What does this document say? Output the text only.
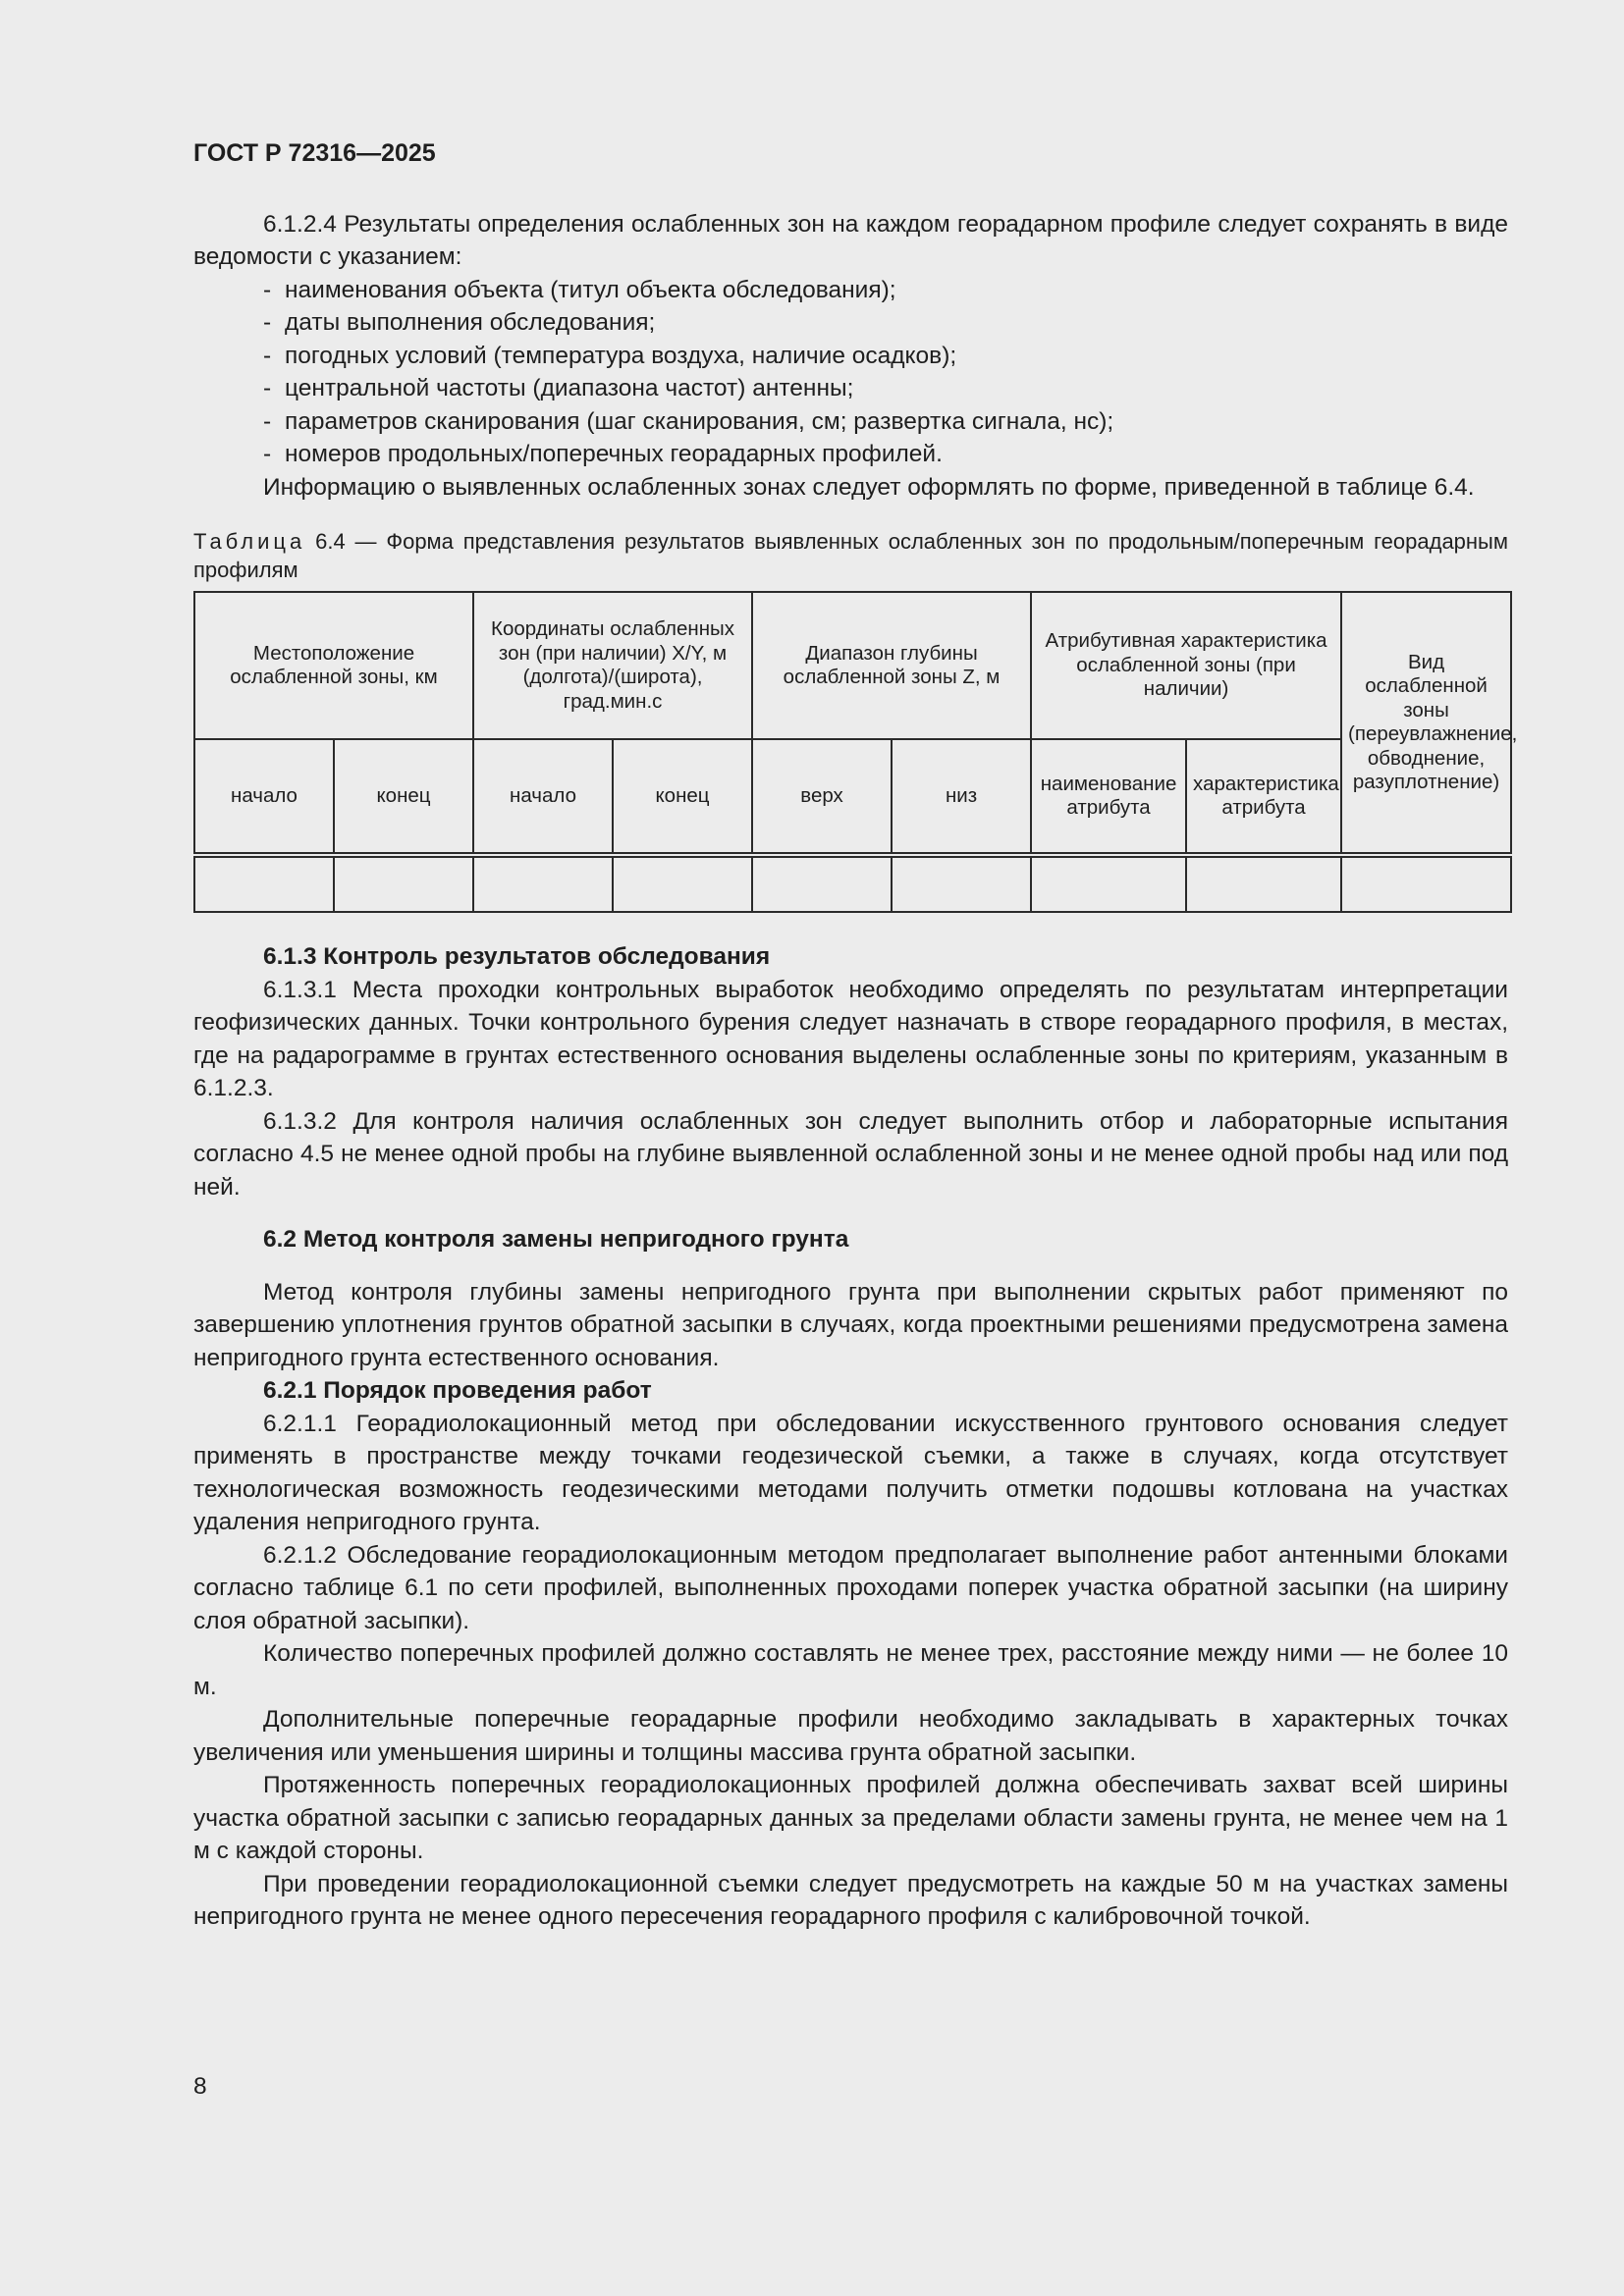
ГОСТ Р 72316—2025

6.1.2.4 Результаты определения ослабленных зон на каждом георадарном профиле следует сохранять в виде ведомости с указанием:

- наименования объекта (титул объекта обследования);
- даты выполнения обследования;
- погодных условий (температура воздуха, наличие осадков);
- центральной частоты (диапазона частот) антенны;
- параметров сканирования (шаг сканирования, см; развертка сигнала, нс);
- номеров продольных/поперечных георадарных профилей.

Информацию о выявленных ослабленных зонах следует оформлять по форме, приведенной в таблице 6.4.

Таблица 6.4 — Форма представления результатов выявленных ослабленных зон по продольным/поперечным георадарным профилям
Местоположение ослабленной зоны, км		Координаты ослабленных зон (при наличии) X/Y, м (долгота)/(широта), град.мин.с		Диапазон глубины ослабленной зоны Z, м		Атрибутивная характеристика ослабленной зоны (при наличии)		Вид ослабленной зоны (переувлажнение, обводнение, разуплотнение)
начало	конец	начало	конец	верх	низ	наименование атрибута	характеристика атрибута	

6.1.3 Контроль результатов обследования

6.1.3.1 Места проходки контрольных выработок необходимо определять по результатам интерпретации геофизических данных. Точки контрольного бурения следует назначать в створе георадарного профиля, в местах, где на радарограмме в грунтах естественного основания выделены ослабленные зоны по критериям, указанным в 6.1.2.3.

6.1.3.2 Для контроля наличия ослабленных зон следует выполнить отбор и лабораторные испытания согласно 4.5 не менее одной пробы на глубине выявленной ослабленной зоны и не менее одной пробы над или под ней.

6.2 Метод контроля замены непригодного грунта

Метод контроля глубины замены непригодного грунта при выполнении скрытых работ применяют по завершению уплотнения грунтов обратной засыпки в случаях, когда проектными решениями предусмотрена замена непригодного грунта естественного основания.

6.2.1 Порядок проведения работ

6.2.1.1 Георадиолокационный метод при обследовании искусственного грунтового основания следует применять в пространстве между точками геодезической съемки, а также в случаях, когда отсутствует технологическая возможность геодезическими методами получить отметки подошвы котлована на участках удаления непригодного грунта.

6.2.1.2 Обследование георадиолокационным методом предполагает выполнение работ антенными блоками согласно таблице 6.1 по сети профилей, выполненных проходами поперек участка обратной засыпки (на ширину слоя обратной засыпки).

Количество поперечных профилей должно составлять не менее трех, расстояние между ними — не более 10 м.

Дополнительные поперечные георадарные профили необходимо закладывать в характерных точках увеличения или уменьшения ширины и толщины массива грунта обратной засыпки.

Протяженность поперечных георадиолокационных профилей должна обеспечивать захват всей ширины участка обратной засыпки с записью георадарных данных за пределами области замены грунта, не менее чем на 1 м с каждой стороны.

При проведении георадиолокационной съемки следует предусмотреть на каждые 50 м на участках замены непригодного грунта не менее одного пересечения георадарного профиля с калибровочной точкой.

8
